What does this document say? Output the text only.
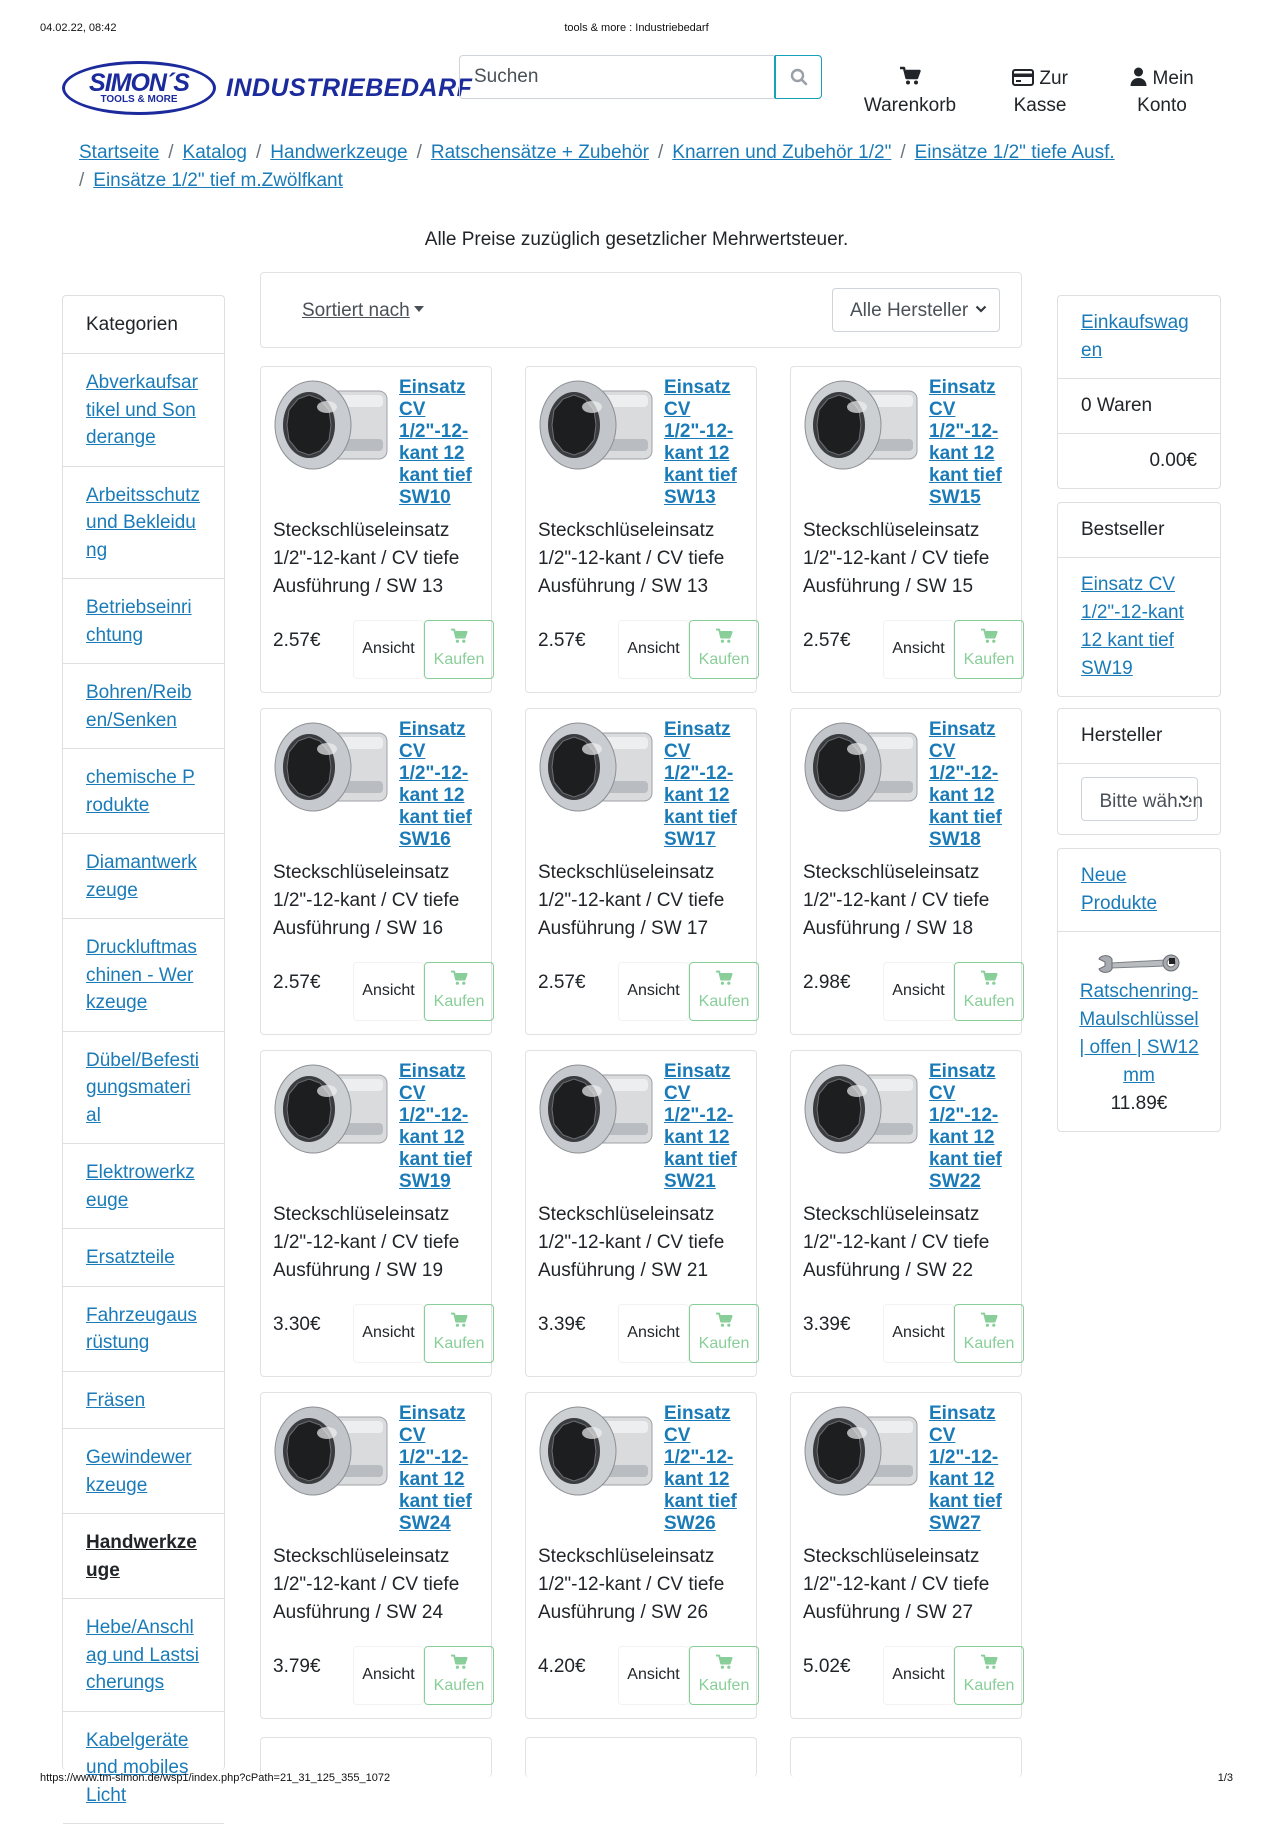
04.02.22, 08:42	tools & more : Industriebedarf
SIMON´S
TOOLS & MORE	INDUSTRIEBEDARF
Suchen

Warenkorb
Zur
Kasse
Mein
Konto
Startseite / Katalog / Handwerkzeuge / Ratschensätze + Zubehör / Knarren und Zubehör 1/2" / Einsätze 1/2" tiefe Ausf.
/ Einsätze 1/2" tief m.Zwölfkant
Alle Preise zuzüglich gesetzlicher Mehrwertsteuer.
Kategorien
Abverkaufsartikel und Sonderange
Arbeitsschutz und Bekleidung
Betriebseinrichtung
Bohren/Reiben/Senken
chemische Produkte
Diamantwerkzeuge
Druckluftmaschinen - Werkzeuge
Dübel/Befestigungsmaterial
Elektrowerkzeuge
Ersatzteile
Fahrzeugausrüstung
Fräsen
Gewindewerkzeuge
Handwerkzeuge
Hebe/Anschlag und Lastsicherungs
Kabelgeräte und mobiles Licht
Sortiert nach	Alle Hersteller
Einsatz CV 1/2"-12-kant 12 kant tief SW10
Steckschlüseleinsatz 1/2"-12-kant / CV tiefe Ausführung / SW 13
2.57€	Ansicht

Kaufen
Einsatz CV 1/2"-12-kant 12 kant tief SW13
Steckschlüseleinsatz 1/2"-12-kant / CV tiefe Ausführung / SW 13
2.57€	Ansicht

Kaufen
Einsatz CV 1/2"-12-kant 12 kant tief SW15
Steckschlüseleinsatz 1/2"-12-kant / CV tiefe Ausführung / SW 15
2.57€	Ansicht

Kaufen
Einsatz CV 1/2"-12-kant 12 kant tief SW16
Steckschlüseleinsatz 1/2"-12-kant / CV tiefe Ausführung / SW 16
2.57€	Ansicht

Kaufen
Einsatz CV 1/2"-12-kant 12 kant tief SW17
Steckschlüseleinsatz 1/2"-12-kant / CV tiefe Ausführung / SW 17
2.57€	Ansicht

Kaufen
Einsatz CV 1/2"-12-kant 12 kant tief SW18
Steckschlüseleinsatz 1/2"-12-kant / CV tiefe Ausführung / SW 18
2.98€	Ansicht

Kaufen
Einsatz CV 1/2"-12-kant 12 kant tief SW19
Steckschlüseleinsatz 1/2"-12-kant / CV tiefe Ausführung / SW 19
3.30€	Ansicht

Kaufen
Einsatz CV 1/2"-12-kant 12 kant tief SW21
Steckschlüseleinsatz 1/2"-12-kant / CV tiefe Ausführung / SW 21
3.39€	Ansicht

Kaufen
Einsatz CV 1/2"-12-kant 12 kant tief SW22
Steckschlüseleinsatz 1/2"-12-kant / CV tiefe Ausführung / SW 22
3.39€	Ansicht

Kaufen
Einsatz CV 1/2"-12-kant 12 kant tief SW24
Steckschlüseleinsatz 1/2"-12-kant / CV tiefe Ausführung / SW 24
3.79€	Ansicht

Kaufen
Einsatz CV 1/2"-12-kant 12 kant tief SW26
Steckschlüseleinsatz 1/2"-12-kant / CV tiefe Ausführung / SW 26
4.20€	Ansicht

Kaufen
Einsatz CV 1/2"-12-kant 12 kant tief SW27
Steckschlüseleinsatz 1/2"-12-kant / CV tiefe Ausführung / SW 27
5.02€	Ansicht

Kaufen
Einkaufswagen
0 Waren
0.00€
Bestseller
Einsatz CV 1/2"-12-kant 12 kant tief SW19
Hersteller
Bitte wählen
Neue Produkte
Ratschenring-Maulschlüssel | offen | SW12 mm
11.89€
https://www.tm-simon.de/wsp1/index.php?cPath=21_31_125_355_1072	1/3
